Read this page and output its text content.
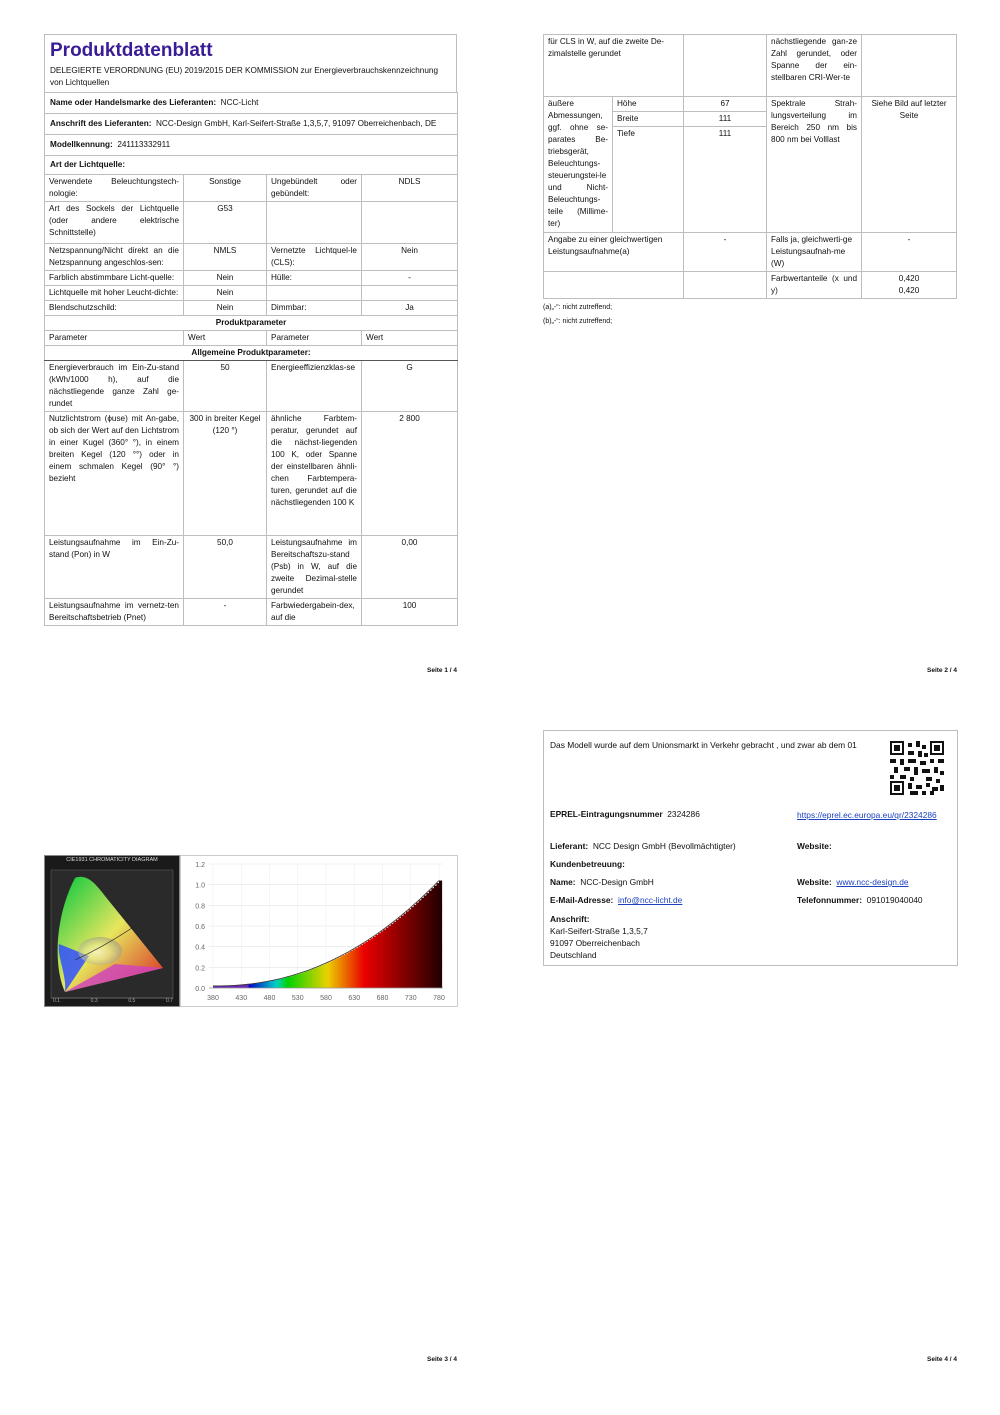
Produktdatenblatt
DELEGIERTE VERORDNUNG (EU) 2019/2015 DER KOMMISSION zur Energieverbrauchskennzeichnung von Lichtquellen
Name oder Handelsmarke des Lieferanten: NCC-Licht			
Anschrift des Lieferanten: NCC-Design GmbH, Karl-Seifert-Straße 1,3,5,7, 91097 Oberreichenbach, DE			
Modellkennung: 241113332911			
Art der Lichtquelle:			
Verwendete Beleuchtungstech-nologie:	Sonstige	Ungebündelt oder gebündelt:	NDLS
Art des Sockels der Lichtquelle (oder andere elektrische Schnittstelle)	G53		
Netzspannung/Nicht direkt an die Netzspannung angeschlos-sen:	NMLS	Vernetzte Lichtquel-le (CLS):	Nein
Farblich abstimmbare Licht-quelle:	Nein	Hülle:	-
Lichtquelle mit hoher Leucht-dichte:	Nein		
Blendschutzschild:	Nein	Dimmbar:	Ja
Produktparameter			
Parameter	Wert	Parameter	Wert
Allgemeine Produktparameter:			
Energieverbrauch im Ein-Zu-stand (kWh/1000 h), auf die nächstliegende ganze Zahl ge-rundet	50	Energieeffizienzklas-se	G
Nutzlichtstrom (ϕuse) mit An-gabe, ob sich der Wert auf den Lichtstrom in einer Kugel (360° °), in einem breiten Kegel (120 °°) oder in einem schmalen Kegel (90° °) bezieht	300 in breiter Kegel (120 °)	ähnliche Farbtem-peratur, gerundet auf die nächst-liegenden 100 K, oder Spanne der einstellbaren ähnli-chen Farbtempera-turen, gerundet auf die nächstliegenden 100 K	2 800
Leistungsaufnahme im Ein-Zu-stand (Pon) in W	50,0	Leistungsaufnahme im Bereitschaftszu-stand (Psb) in W, auf die zweite Dezimal-stelle gerundet	0,00
Leistungsaufnahme im vernetz-ten Bereitschaftsbetrieb (Pnet)	-	Farbwiedergabein-dex, auf die	100
Seite 1 / 4
für CLS in W, auf die zweite De-zimalstelle gerundet			nächstliegende gan-ze Zahl gerundet, oder Spanne der ein-stellbaren CRI-Wer-te	
äußere Abmessungen, ggf. ohne se-parates Be-triebsgerät, Beleuchtungs-steuerungstei-le und Nicht-Beleuchtungs-teile (Millime-ter)	Höhe	67	Spektrale Strah-lungsverteilung im Bereich 250 nm bis 800 nm bei Volllast	Siehe Bild auf letzter Seite
	Breite	111		
	Tiefe	111		
Angabe zu einer gleichwertigen Leistungsaufnahme(a)		-	Falls ja, gleichwerti-ge Leistungsaufnah-me (W)	-
			Farbwertanteile (x und y)	0,420
0,420
(a)„-“: nicht zutreffend;
(b)„-“: nicht zutreffend;
Seite 2 / 4
CIE1931 CHROMATICITY DIAGRAM
0.1	0.3	0.5	0.7
1.2
1.0
0.8
0.6
0.4
0.2
0.0
380 430 480 530 580 630 680 730 780
Seite 3 / 4
Das Modell wurde auf dem Unionsmarkt in Verkehr gebracht , und zwar ab dem 01
EPREL-Eintragungsnummer 2324286	https://eprel.ec.europa.eu/qr/2324286
Lieferant: NCC Design GmbH (Bevollmächtigter)	Website:
Kundenbetreuung:
Name: NCC-Design GmbH	Website: www.ncc-design.de
E-Mail-Adresse: info@ncc-licht.de	Telefonnummer: 091019040040
Anschrift:
Karl-Seifert-Straße 1,3,5,7
91097 Oberreichenbach
Deutschland
Seite 4 / 4
